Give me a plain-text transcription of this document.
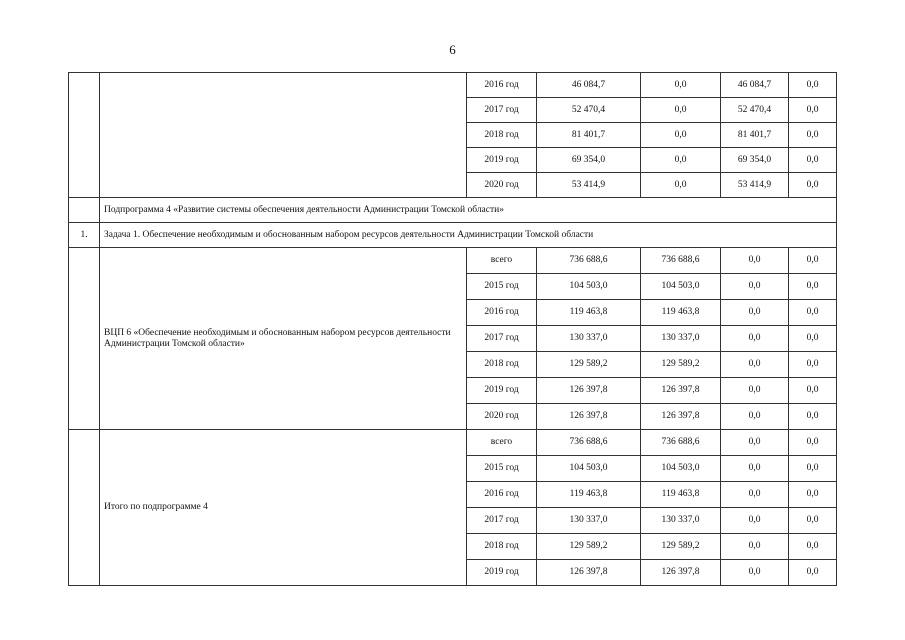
6
		2016 год	46 084,7	0,0	46 084,7	0,0
		2017 год	52 470,4	0,0	52 470,4	0,0
		2018 год	81 401,7	0,0	81 401,7	0,0
		2019 год	69 354,0	0,0	69 354,0	0,0
		2020 год	53 414,9	0,0	53 414,9	0,0
	Подпрограмма 4 «Развитие системы обеспечения деятельности Администрации Томской области»					
1.	Задача 1. Обеспечение необходимым и обоснованным набором ресурсов деятельности Администрации Томской области					
	ВЦП 6 «Обеспечение необходимым и обоснованным набором ресурсов деятельности Администрации Томской области»	всего	736 688,6	736 688,6	0,0	0,0
		2015 год	104 503,0	104 503,0	0,0	0,0
		2016 год	119 463,8	119 463,8	0,0	0,0
		2017 год	130 337,0	130 337,0	0,0	0,0
		2018 год	129 589,2	129 589,2	0,0	0,0
		2019 год	126 397,8	126 397,8	0,0	0,0
		2020 год	126 397,8	126 397,8	0,0	0,0
	Итого по подпрограмме 4	всего	736 688,6	736 688,6	0,0	0,0
		2015 год	104 503,0	104 503,0	0,0	0,0
		2016 год	119 463,8	119 463,8	0,0	0,0
		2017 год	130 337,0	130 337,0	0,0	0,0
		2018 год	129 589,2	129 589,2	0,0	0,0
		2019 год	126 397,8	126 397,8	0,0	0,0
